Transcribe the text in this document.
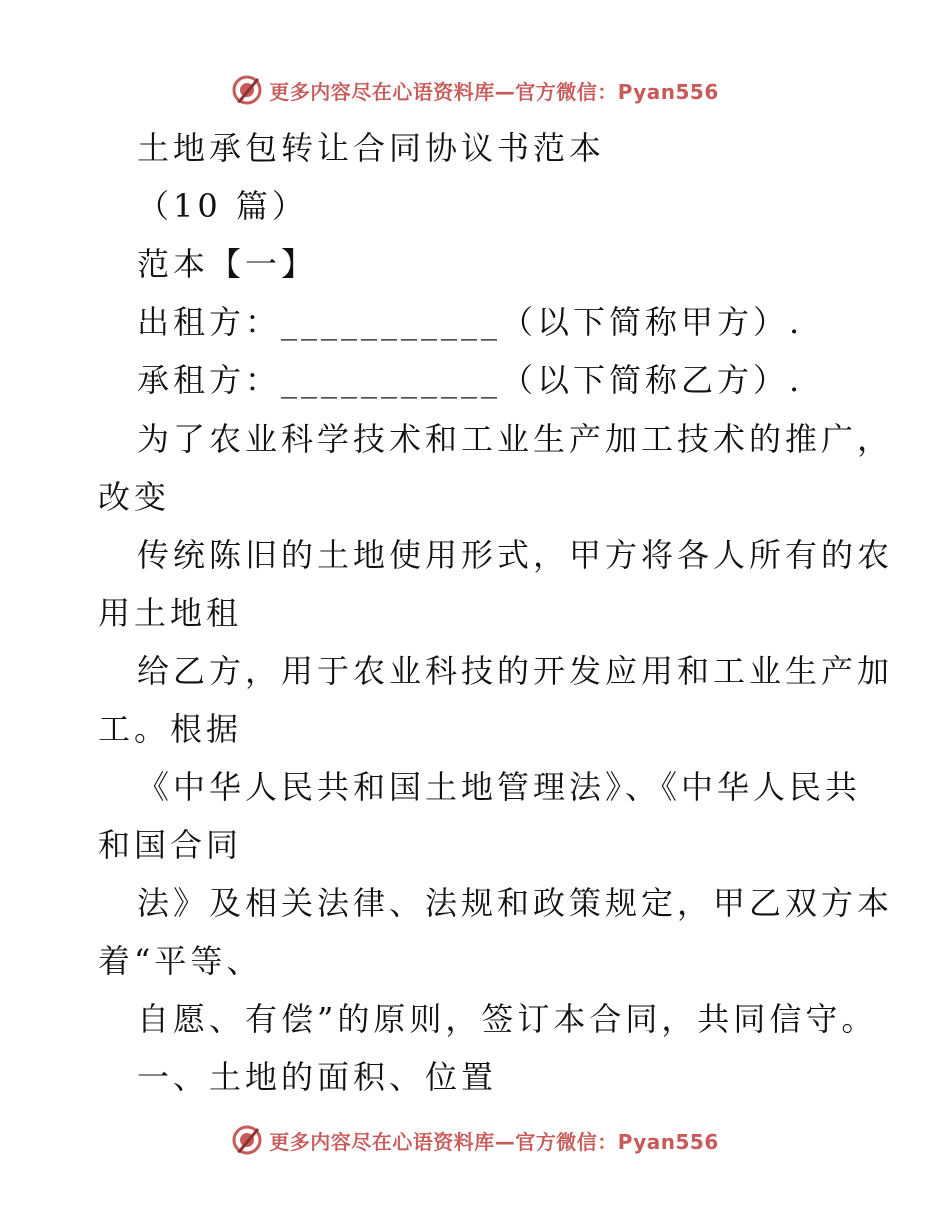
更多内容尽在心语资料库—官方微信：Pyan556

土地承包转让合同协议书范本

（10 篇）

范本【一】

出租方：___________（以下简称甲方）.

承租方：___________（以下简称乙方）.

为了农业科学技术和工业生产加工技术的推广，

改变

传统陈旧的土地使用形式，甲方将各人所有的农

用土地租

给乙方，用于农业科技的开发应用和工业生产加

工。根据

《中华人民共和国土地管理法》、《中华人民共

和国合同

法》及相关法律、法规和政策规定，甲乙双方本

着“平等、

自愿、有偿”的原则，签订本合同，共同信守。

一、土地的面积、位置

更多内容尽在心语资料库—官方微信：Pyan556
